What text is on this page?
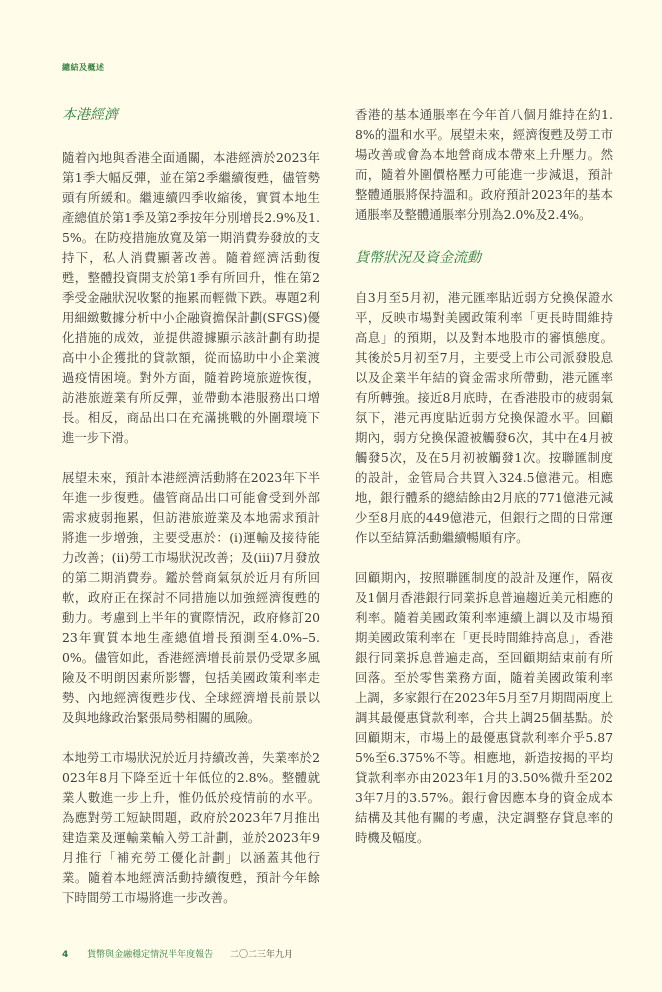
總結及概述
本港經濟

隨着內地與香港全面通關，本港經濟於2023年第1季大幅反彈，並在第2季繼續復甦，儘管勢頭有所緩和。繼連續四季收縮後，實質本地生產總值於第1季及第2季按年分別增長2.9%及1.5%。在防疫措施放寬及第一期消費券發放的支持下，私人消費顯著改善。隨着經濟活動復甦，整體投資開支於第1季有所回升，惟在第2季受金融狀況收緊的拖累而輕微下跌。專題2利用細緻數據分析中小企融資擔保計劃(SFGS)優化措施的成效，並提供證據顯示該計劃有助提高中小企獲批的貸款額，從而協助中小企業渡過疫情困境。對外方面，隨着跨境旅遊恢復，訪港旅遊業有所反彈，並帶動本港服務出口增長。相反，商品出口在充滿挑戰的外圍環境下進一步下滑。

展望未來，預計本港經濟活動將在2023年下半年進一步復甦。儘管商品出口可能會受到外部需求疲弱拖累，但訪港旅遊業及本地需求預計將進一步增強，主要受惠於：(i)運輸及接待能力改善；(ii)勞工市場狀況改善；及(iii)7月發放的第二期消費券。鑑於營商氣氛於近月有所回軟，政府正在探討不同措施以加強經濟復甦的動力。考慮到上半年的實際情況，政府修訂2023年實質本地生產總值增長預測至4.0%–5.0%。儘管如此，香港經濟增長前景仍受眾多風險及不明朗因素所影響，包括美國政策利率走勢、內地經濟復甦步伐、全球經濟增長前景以及與地緣政治緊張局勢相關的風險。

本地勞工市場狀況於近月持續改善，失業率於2023年8月下降至近十年低位的2.8%。整體就業人數進一步上升，惟仍低於疫情前的水平。為應對勞工短缺問題，政府於2023年7月推出建造業及運輸業輸入勞工計劃，並於2023年9月推行「補充勞工優化計劃」以涵蓋其他行業。隨着本地經濟活動持續復甦，預計今年餘下時間勞工市場將進一步改善。

香港的基本通脹率在今年首八個月維持在約1.8%的溫和水平。展望未來，經濟復甦及勞工市場改善或會為本地營商成本帶來上升壓力。然而，隨着外圍價格壓力可能進一步減退，預計整體通脹將保持溫和。政府預計2023年的基本通脹率及整體通脹率分別為2.0%及2.4%。

貨幣狀況及資金流動

自3月至5月初，港元匯率貼近弱方兌換保證水平，反映市場對美國政策利率「更長時間維持高息」的預期，以及對本地股市的審慎態度。其後於5月初至7月，主要受上市公司派發股息以及企業半年結的資金需求所帶動，港元匯率有所轉強。接近8月底時，在香港股市的疲弱氣氛下，港元再度貼近弱方兌換保證水平。回顧期內，弱方兌換保證被觸發6次，其中在4月被觸發5次，及在5月初被觸發1次。按聯匯制度的設計，金管局合共買入324.5億港元。相應地，銀行體系的總結餘由2月底的771億港元減少至8月底的449億港元，但銀行之間的日常運作以至結算活動繼續暢順有序。

回顧期內，按照聯匯制度的設計及運作，隔夜及1個月香港銀行同業拆息普遍趨近美元相應的利率。隨着美國政策利率連續上調以及市場預期美國政策利率在「更長時間維持高息」，香港銀行同業拆息普遍走高，至回顧期結束前有所回落。至於零售業務方面，隨着美國政策利率上調，多家銀行在2023年5月至7月期間兩度上調其最優惠貸款利率，合共上調25個基點。於回顧期末，市場上的最優惠貸款利率介乎5.875%至6.375%不等。相應地，新造按揭的平均貸款利率亦由2023年1月的3.50%微升至2023年7月的3.57%。銀行會因應本身的資金成本結構及其他有關的考慮，決定調整存貸息率的時機及幅度。

4 貨幣與金融穩定情況半年度報告 二〇二三年九月
